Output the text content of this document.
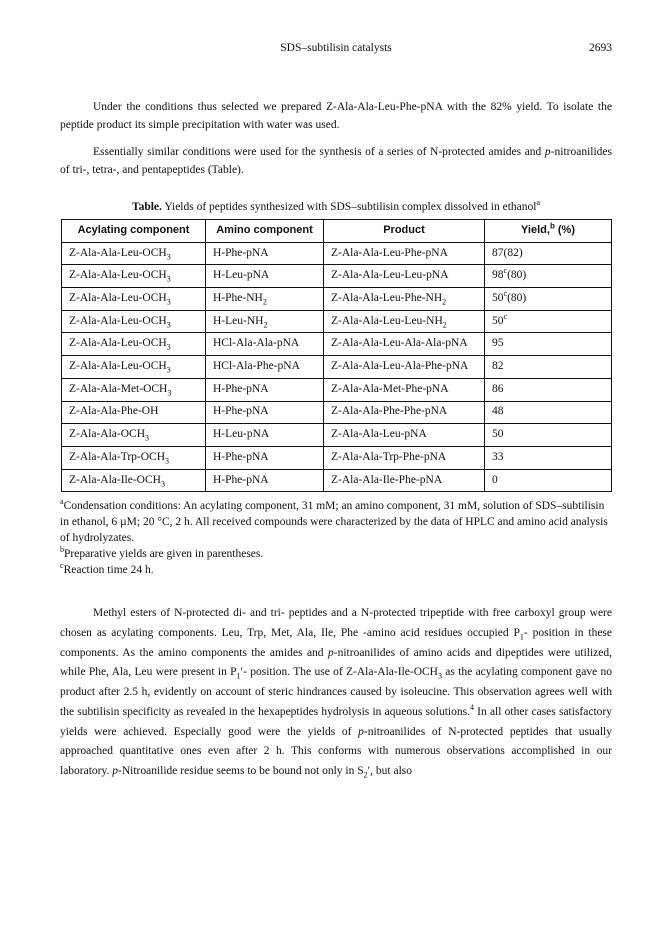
SDS–subtilisin catalysts	2693

Under the conditions thus selected we prepared Z-Ala-Ala-Leu-Phe-pNA with the 82% yield. To isolate the peptide product its simple precipitation with water was used.

Essentially similar conditions were used for the synthesis of a series of N-protected amides and p-nitroanilides of tri-, tetra-, and pentapeptides (Table).

Table. Yields of peptides synthesized with SDS–subtilisin complex dissolved in ethanol$^a$
Acylating component	Amino component	Product	Yield,$^b$ (%)
$Z-Ala-Ala-Leu-OCH_3$	H-Phe-pNA	Z-Ala-Ala-Leu-Phe-pNA	87(82)
$Z-Ala-Ala-Leu-OCH_3$	H-Leu-pNA	Z-Ala-Ala-Leu-Leu-pNA	98$^c$(80)
$Z-Ala-Ala-Leu-OCH_3$	$H-Phe-NH_2$	$Z-Ala-Ala-Leu-Phe-NH_2$	50$^c$(80)
$Z-Ala-Ala-Leu-OCH_3$	$H-Leu-NH_2$	$Z-Ala-Ala-Leu-Leu-NH_2$	50$^c$
$Z-Ala-Ala-Leu-OCH_3$	HCl-Ala-Ala-pNA	Z-Ala-Ala-Leu-Ala-Ala-pNA	95
$Z-Ala-Ala-Leu-OCH_3$	HCl-Ala-Phe-pNA	Z-Ala-Ala-Leu-Ala-Phe-pNA	82
$Z-Ala-Ala-Met-OCH_3$	H-Phe-pNA	Z-Ala-Ala-Met-Phe-pNA	86
Z-Ala-Ala-Phe-OH	H-Phe-pNA	Z-Ala-Ala-Phe-Phe-pNA	48
$Z-Ala-Ala-OCH_3$	H-Leu-pNA	Z-Ala-Ala-Leu-pNA	50
$Z-Ala-Ala-Trp-OCH_3$	H-Phe-pNA	Z-Ala-Ala-Trp-Phe-pNA	33
$Z-Ala-Ala-Ile-OCH_3$	H-Phe-pNA	Z-Ala-Ala-Ile-Phe-pNA	0

$^a$Condensation conditions: An acylating component, 31 mM; an amino component, 31 mM, solution of SDS–subtilisin in ethanol, 6 µM; 20 °C, 2 h. All received compounds were characterized by the data of HPLC and amino acid analysis of hydrolyzates.

$^b$Preparative yields are given in parentheses.

$^c$Reaction time 24 h.

Methyl esters of N-protected di- and tri- peptides and a N-protected tripeptide with free carboxyl group were chosen as acylating components. Leu, Trp, Met, Ala, Ile, Phe -amino acid residues occupied $P_1-$ position in these components. As the amino components the amides and p-nitroanilides of amino acids and dipeptides were utilized, while Phe, Ala, Leu were present in $P_1'-$ position. The use of $Z-Ala-Ala-Ile-OCH_3$ as the acylating component gave no product after 2.5 h, evidently on account of steric hindrances caused by isoleucine. This observation agrees well with the subtilisin specificity as revealed in the hexapeptides hydrolysis in aqueous solutions.$^4$ In all other cases satisfactory yields were achieved. Especially good were the yields of p-nitroanilides of N-protected peptides that usually approached quantitative ones even after 2 h. This conforms with numerous observations accomplished in our laboratory. p-Nitroanilide residue seems to be bound not only in $S_2'$, but also
